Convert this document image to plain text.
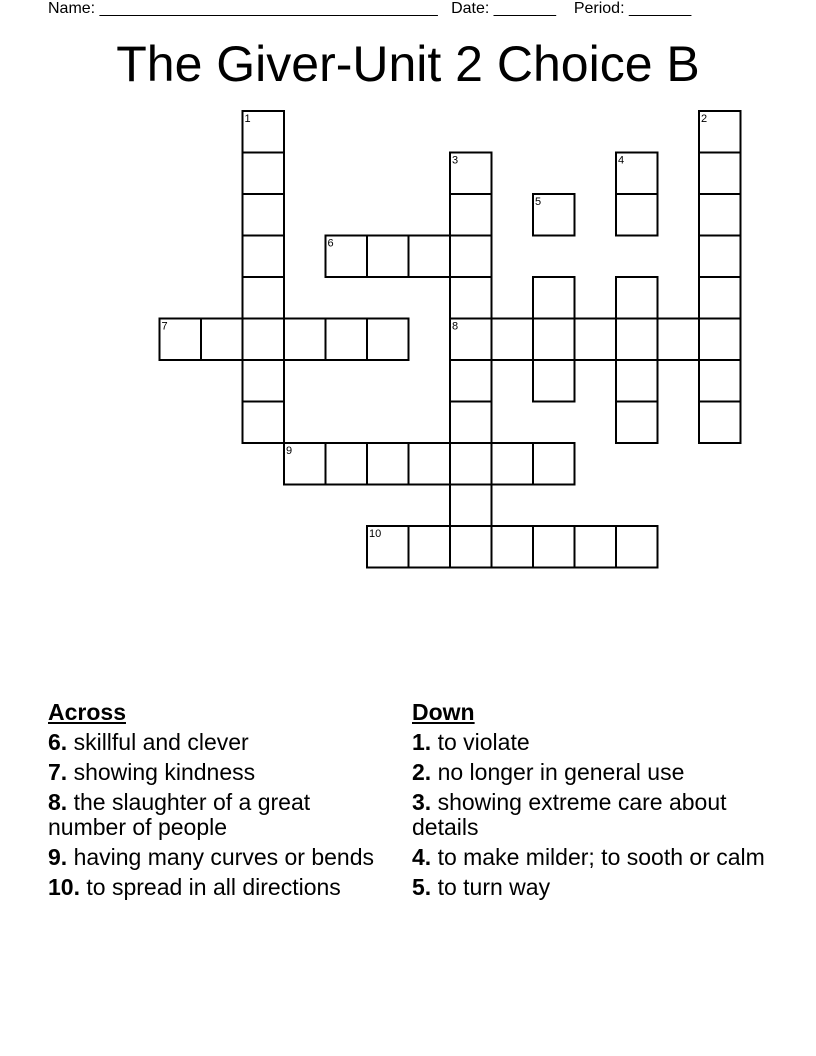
Name: ______________________________________ Date: _______ Period: _______
The Giver-Unit 2 Choice B
1	2
3	4
5
6
7	8
9
10
Across
6. skillful and clever
7. showing kindness
8. the slaughter of a great number of people
9. having many curves or bends
10. to spread in all directions
Down
1. to violate
2. no longer in general use
3. showing extreme care about details
4. to make milder; to sooth or calm
5. to turn way
